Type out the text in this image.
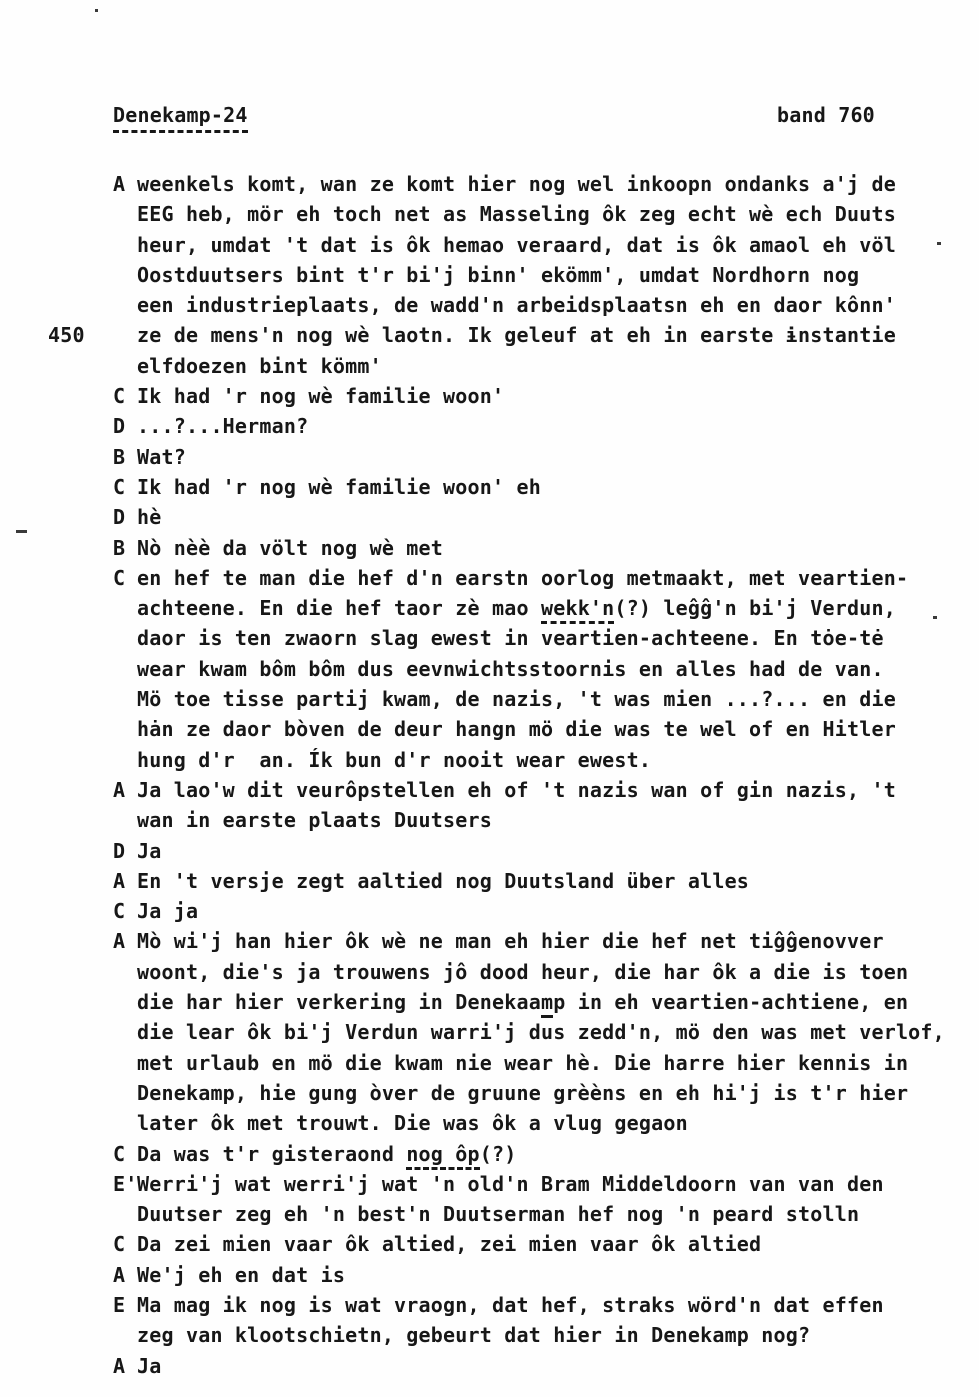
Denekamp-24	band 760
A weenkels komt, wan ze komt hier nog wel inkoopn ondanks a'j de
EEG heb, mör eh toch net as Masseling ôk zeg echt wè ech Duuts
heur, umdat 't dat is ôk hemao veraard, dat is ôk amaol eh völ
Oostduutsers bint t'r bi'j binn' ekömm', umdat Nordhorn nog
een industrieplaats, de wadd'n arbeidsplaatsn eh en daor kônn'
450	ze de mens'n nog wè laotn. Ik geleuf at eh in earste ɨnstantie
elfdoezen bint kömm'
C Ik had 'r nog wè familie woon'
D ...?...Herman?
B Wat?
C Ik had 'r nog wè familie woon' eh
D hè
B Nò nèè da völt nog wè met
C en hef te man die hef d'n earstn oorlog metmaakt, met veartien-
achteene. En die hef taor zè mao wekk'n(?) leĝĝ'n bi'j Verdun,
daor is ten zwaorn slag ewest in veartien-achteene. En tȯe-tė
wear kwam bôm bôm dus eevnwichtsstoornis en alles had de van.
Mö toe tisse partij kwam, de nazis, 't was mien ...?... en die
hȧn ze daor bòven de deur hangn mö die was te wel of en Hitler
hung d'r  an. Ík bun d'r nooit wear ewest.
A Ja lao'w dit veurôpstellen eh of 't nazis wan of gin nazis, 't
wan in earste plaats Duutsers
D Ja
A En 't versje zegt aaltied nog Duutsland über alles
C Ja ja
A Mò wi'j han hier ôk wè ne man eh hier die hef net tiĝĝenovver
woont, die's ja trouwens jô dood heur, die har ôk a die is toen
die har hier verkering in Denekaamp in eh veartien-achtiene, en
die lear ôk bi'j Verdun warri'j dus zedd'n, mö den was met verlof,
met urlaub en mö die kwam nie wear hè. Die harre hier kennis in
Denekamp, hie gung òver de gruune grèèns en eh hi'j is t'r hier
later ôk met trouwt. Die was ôk a vlug gegaon
C Da was t'r gisteraond nog ôp(?)
E' Werri'j wat werri'j wat 'n old'n Bram Middeldoorn van van den
Duutser zeg eh 'n best'n Duutserman hef nog 'n peard stolln
C Da zei mien vaar ôk altied, zei mien vaar ôk altied
A We'j eh en dat is
E Ma mag ik nog is wat vraogn, dat hef, straks wörd'n dat effen
zeg van klootschietn, gebeurt dat hier in Denekamp nog?
A Ja
